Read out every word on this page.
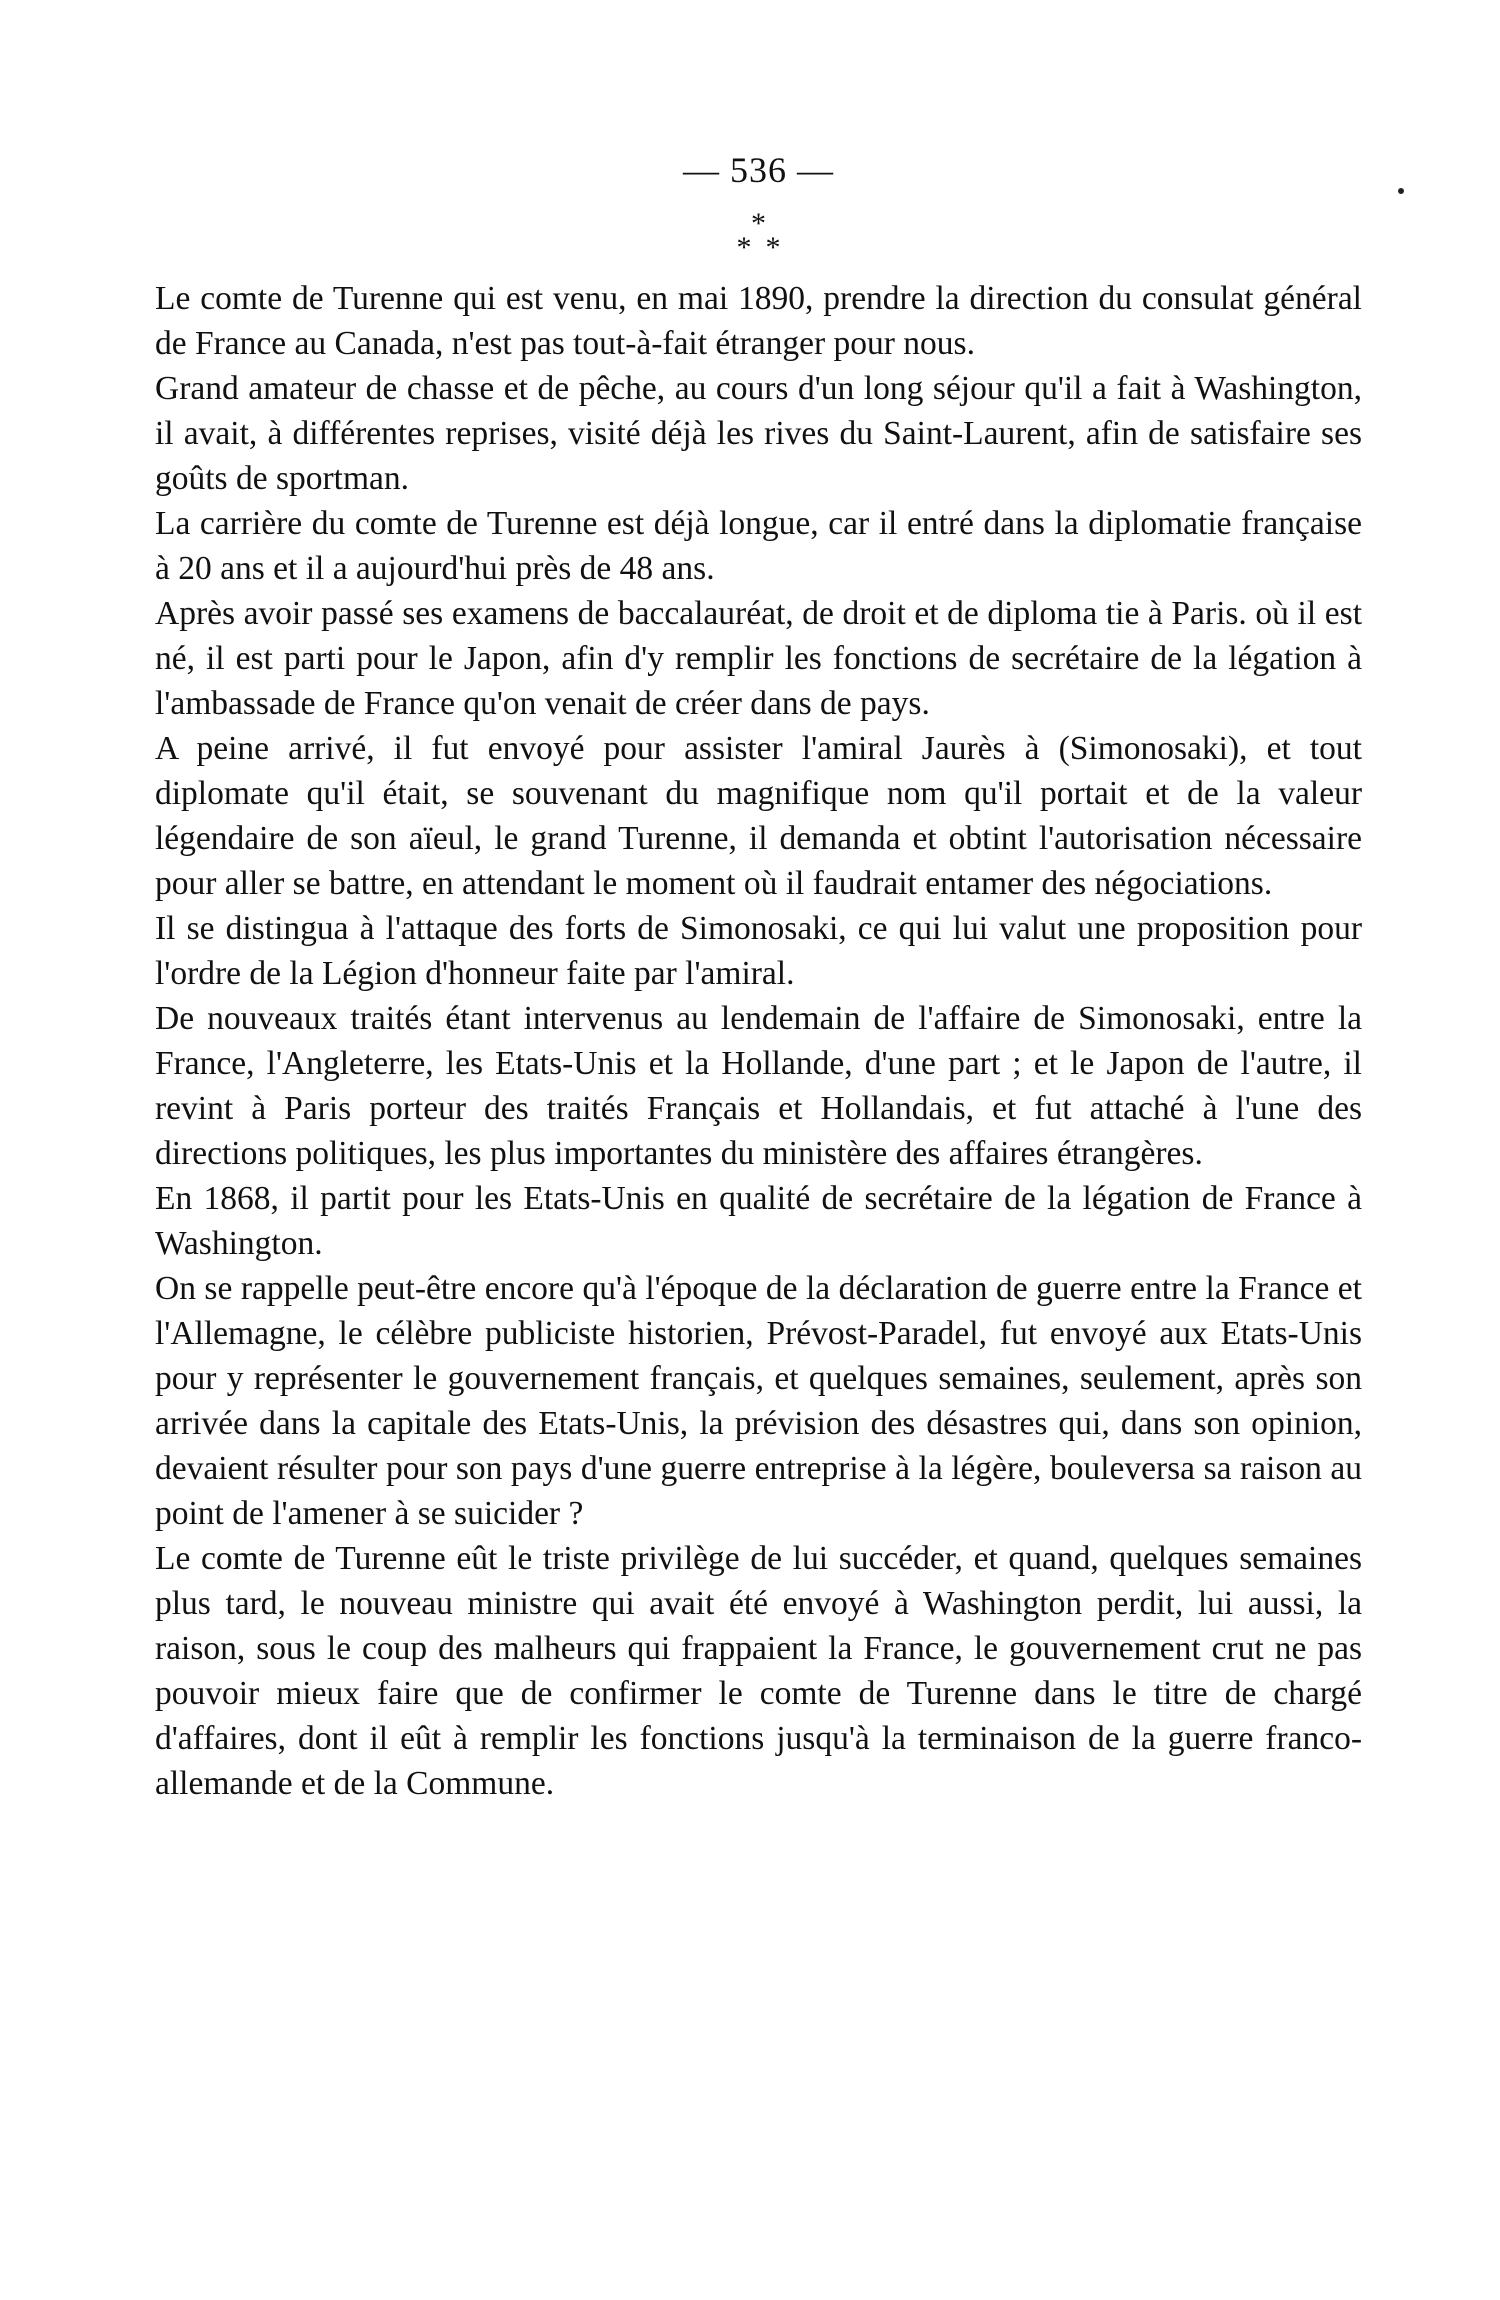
— 536 —
*
**

Le comte de Turenne qui est venu, en mai 1890, prendre la direction du consulat général de France au Canada, n'est pas tout-à-fait étranger pour nous.

Grand amateur de chasse et de pêche, au cours d'un long séjour qu'il a fait à Washington, il avait, à différentes reprises, visité déjà les rives du Saint-Laurent, afin de satisfaire ses goûts de sportman.

La carrière du comte de Turenne est déjà longue, car il entré dans la diplomatie française à 20 ans et il a aujourd'hui près de 48 ans.

Après avoir passé ses examens de baccalauréat, de droit et de diploma tie à Paris. où il est né, il est parti pour le Japon, afin d'y remplir les fonctions de secrétaire de la légation à l'ambassade de France qu'on venait de créer dans de pays.

A peine arrivé, il fut envoyé pour assister l'amiral Jaurès à (Simonosaki), et tout diplomate qu'il était, se souvenant du magnifique nom qu'il portait et de la valeur légendaire de son aïeul, le grand Turenne, il demanda et obtint l'autorisation nécessaire pour aller se battre, en attendant le moment où il faudrait entamer des négociations.

Il se distingua à l'attaque des forts de Simonosaki, ce qui lui valut une proposition pour l'ordre de la Légion d'honneur faite par l'amiral.

De nouveaux traités étant intervenus au lendemain de l'affaire de Simonosaki, entre la France, l'Angleterre, les Etats-Unis et la Hollande, d'une part ; et le Japon de l'autre, il revint à Paris porteur des traités Français et Hollandais, et fut attaché à l'une des directions politiques, les plus importantes du ministère des affaires étrangères.

En 1868, il partit pour les Etats-Unis en qualité de secrétaire de la légation de France à Washington.

On se rappelle peut-être encore qu'à l'époque de la déclaration de guerre entre la France et l'Allemagne, le célèbre publiciste historien, Prévost-Paradel, fut envoyé aux Etats-Unis pour y représenter le gouvernement français, et quelques semaines, seulement, après son arrivée dans la capitale des Etats-Unis, la prévision des désastres qui, dans son opinion, devaient résulter pour son pays d'une guerre entreprise à la légère, bouleversa sa raison au point de l'amener à se suicider ?

Le comte de Turenne eût le triste privilège de lui succéder, et quand, quelques semaines plus tard, le nouveau ministre qui avait été envoyé à Washington perdit, lui aussi, la raison, sous le coup des malheurs qui frappaient la France, le gouvernement crut ne pas pouvoir mieux faire que de confirmer le comte de Turenne dans le titre de chargé d'affaires, dont il eût à remplir les fonctions jusqu'à la terminaison de la guerre franco-allemande et de la Commune.
